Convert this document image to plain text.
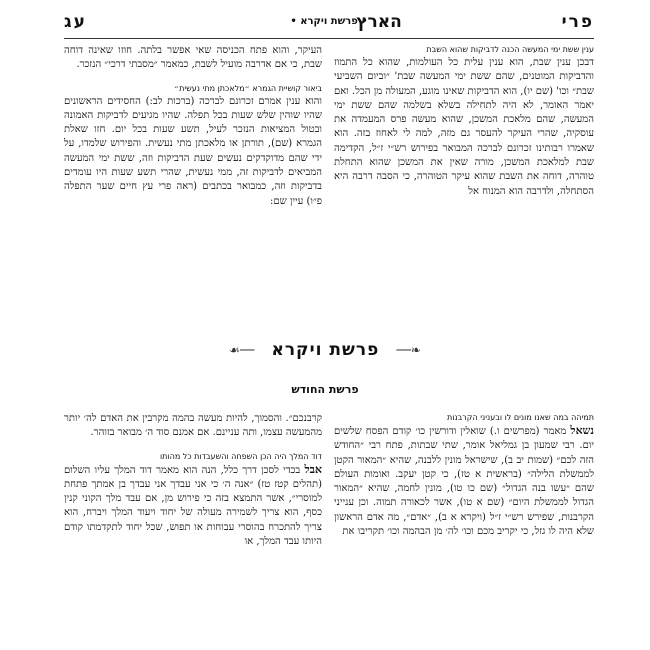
פרי
• פרשת ויקרא •
הארץ
עג

ענין ששת ימי המעשה הכנה לדביקות שהוא השבת

דבכן ענין שבת, הוא ענין עלית כל העולמות, שהוא כל התמוז והדביקות המוטנים, שהם ששת ימי המעשה שבת' ״וביום השביעי שבת״ וכו' (שם יו), הוא הדביקות שאינו מוגע, המעולה מן הכל. ואם יאמר האומר, לא היה לתחילה בשלא בשלמה שהם ששת ימי המעשה, שהם מלאכת המשכן, שהוא מעשה פרס המעמדה את עוסקיה, שהרי העיקר להעסר גם מזה, למה לי לאחוז בזה. הוא שאמרו רבותינו זכרונם לברכה המבואר בפירוש רש״י ז״ל, הקדימה שבת למלאכת המשכן, מורה שאין את המשכן שהוא התחלת טוהרה, דוחה את השבת שהוא עיקר הטוהרה, כי הסבה דרבה היא הסתחלה, ולדרבה הוא המנוח אל

העיקר, והוא פתח הכניסה שאי אפשר בלתה. חוזו שאינה דוחה שבת, כי אם אדרבה מועיל לשבת, כמאמר ״מסבתי דרכי״ הנזכר.

ביאור קושיית הגמרא ״מלאכתן מתי נעשית״

והוא ענין אמרם זכרונם לברכה (ברכות לב:) החסידים הראשונים שהיו שוהין שלש שעות בכל תפלה. שהיו מגיעים לדביקות האמונה ובטול המציאות הנזכר לעיל, תשע שעות בכל יום. חזו שאלת הגמרא (שם), תורתן או מלאכתן מתי נעשית. והפירוש שלמדו, על ידי שהם מדוקדקים נעשים שעת הדביקות וזה, ששת ימי המעשה המביאים לדביקות זה, ממי נעשית, שהרי תשע שעות היו עומדים בדביקות וזה, כמבואר בכתבים (ראה פרי עץ חיים שער התפלה פ״ו) עיין שם:

❧── פרשת ויקרא ──☙
פרשת החודש

תמיהה במה שאנו מונים לו ובעניני הקרבנות

נשאל מאמר (מפרשים ו.) שואלין ודורשין כו׳ קודם הפסח שלשים יום. רבי שמעון בן גמליאל אומר, שתי שבתות, פתח רבי ״החודש הזה לכם״ (שמות יב ב), שישראל מונין ללבנה, שהיא ״המאור הקטן לממשלת הלילה״ (בראשית א טז), כי קטן יעקב. ואומות העולם שהם ״עשו בנה הגדול״ (שם כו טו), מונין לחמה, שהיא ״המאור הגדול לממשלת היום״ (שם א טו), אשר לכאורה תמוה. וכן ענייני הקרבנות, שפירש רש״י ז״ל (ויקרא א ב), ״אדם״, מה אדם הראשון שלא היה לו גזל, כי יקריב מכם וכו׳ לה׳ מן הבהמה וכו׳ תקריבו את

קרבנכם״. והסמוך, להיות מעשה בהמה מקרבין את האדם לה׳ יותר מהמעשה עצמו, ותה עניינם. אם אמנם סוד ה׳ מבואר בזוהר.

דוד המלך היה הכן השפחה והשעבדות כל מהותו

אבל בכדי לסכן דרך כלל, הנה הוא מאמר דוד המלך עליו השלום (תהלים קטז טז) ״אנה ה׳ כי אני עבדך אני עבדך בן אמתך פתחת למוסרי״, אשר התמצא בזה כי פירוש מן, אם עבד מלך הקוני קנין כסף, הוא צריך לשמירה מעולה של יחוד ויעוד המלך ויברח, הוא צריך להתכרח בהוסרי עבוחות או תפוש, שכל יחוד לתקדמתו קודם היותו עבד המלך, או
